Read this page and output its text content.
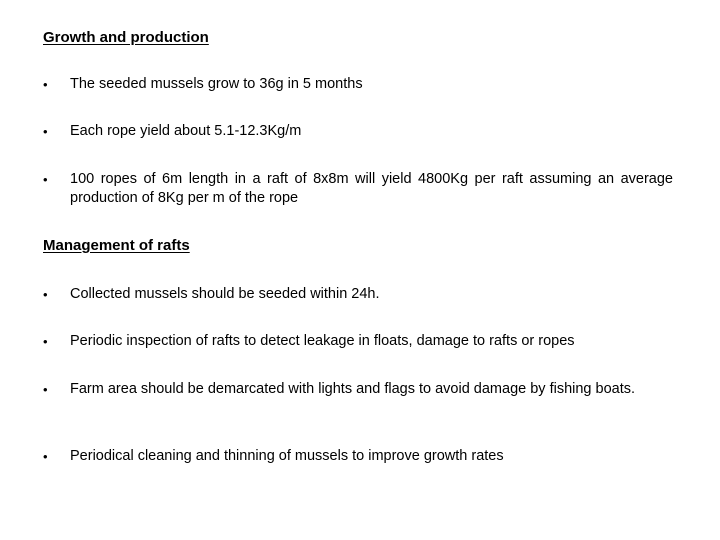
Growth and production
•	The seeded mussels grow to 36g in 5 months
•	Each rope yield about 5.1-12.3Kg/m
•	100 ropes of 6m length in a raft of 8x8m will yield 4800Kg per raft assuming an average production of 8Kg per m of the rope
Management of rafts
•	Collected mussels should be seeded within 24h.
•	Periodic inspection of rafts to detect leakage in floats, damage to rafts or ropes
•	Farm area should be demarcated with lights and flags to avoid damage by fishing boats.
•	Periodical cleaning and thinning of mussels to improve growth rates
